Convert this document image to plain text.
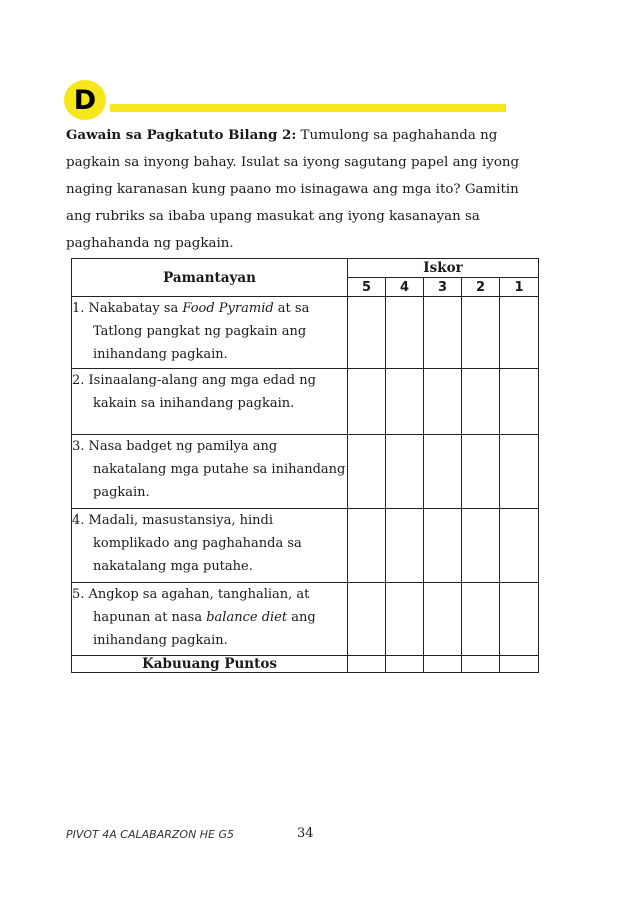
D
Gawain sa Pagkatuto Bilang 2: Tumulong sa paghahanda ng pagkain sa inyong bahay. Isulat sa iyong sagutang papel ang iyong naging karanasan kung paano mo isinagawa ang mga ito? Gamitin ang rubriks sa ibaba upang masukat ang iyong kasanayan sa paghahanda ng pagkain.
Pamantayan	Iskor				
	5	4	3	2	1

1. Nakabatay sa Food Pyramid at sa
Tatlong pangkat ng pagkain ang inihandang pagkain.					

2. Isinaalang-alang ang mga edad ng
kakain sa inihandang pagkain.					

3. Nasa badget ng pamilya ang
nakatalang mga putahe sa inihandang pagkain.					

4. Madali, masustansiya, hindi
komplikado ang paghahanda sa nakatalang mga putahe.					

5. Angkop sa agahan, tanghalian, at
hapunan at nasa balance diet ang inihandang pagkain.					

Kabuuang Puntos					
PIVOT 4A CALABARZON HE G5	34
